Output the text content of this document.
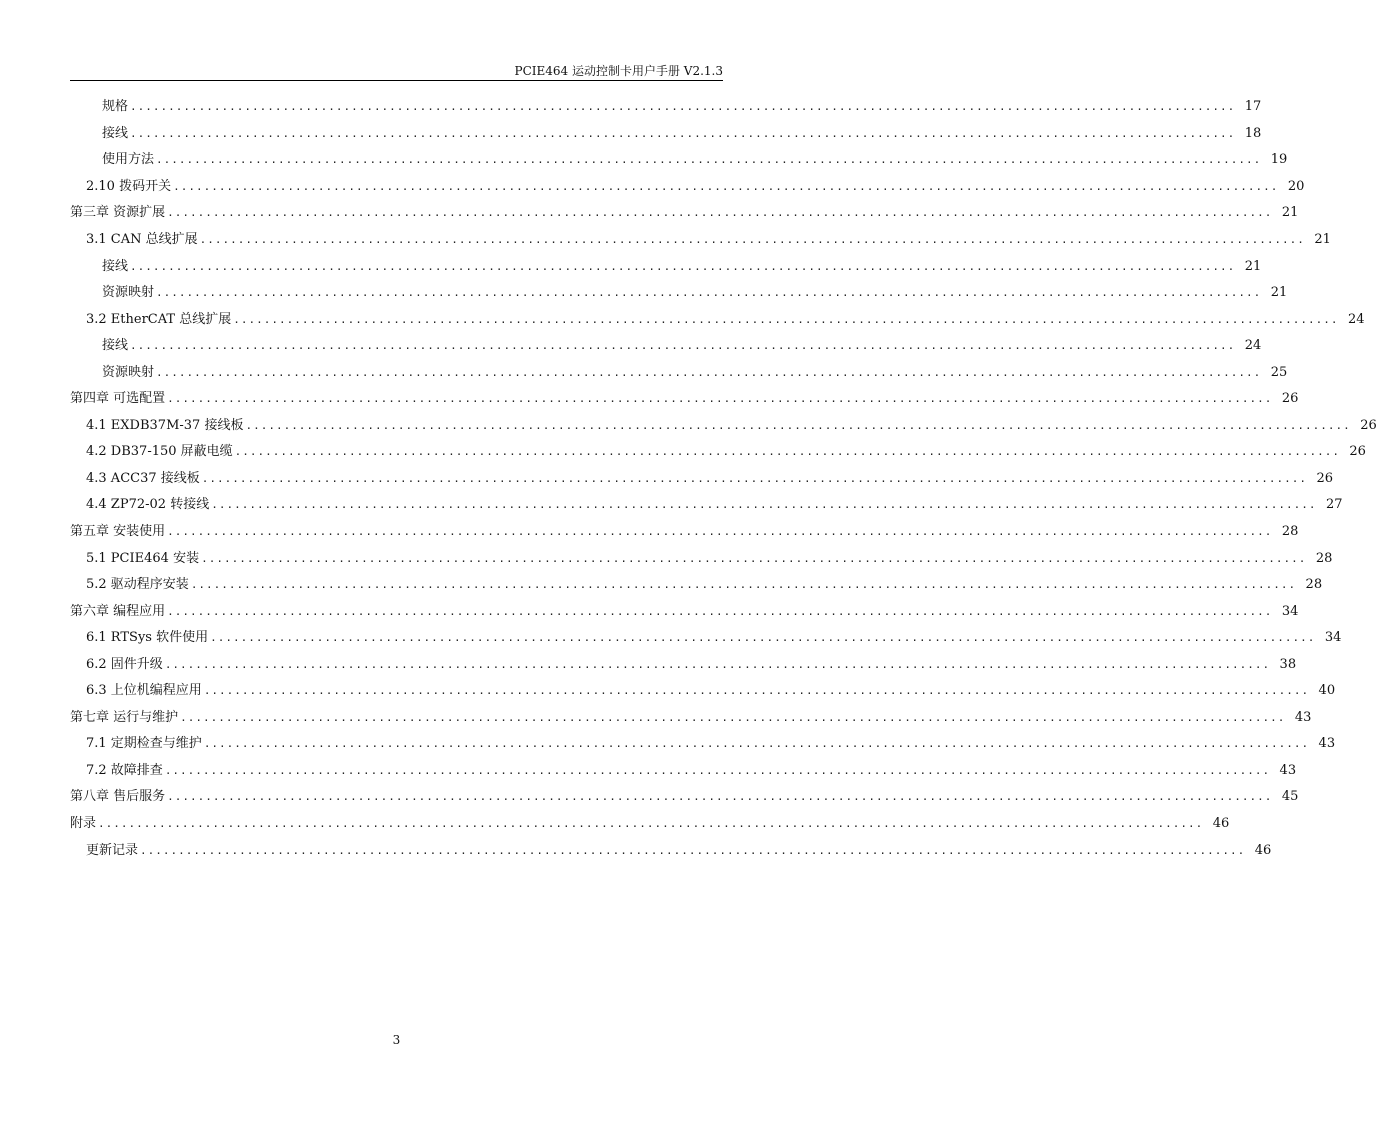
PCIE464 运动控制卡用户手册 V2.1.3
规格 ................................................................................................................................................. 17
接线 ................................................................................................................................................. 18
使用方法 ................................................................................................................................................. 19
2.10 拨码开关 ................................................................................................................................................. 20
第三章 资源扩展 ................................................................................................................................................. 21
3.1 CAN 总线扩展 ................................................................................................................................................. 21
接线 ................................................................................................................................................. 21
资源映射 ................................................................................................................................................. 21
3.2 EtherCAT 总线扩展 ................................................................................................................................................. 24
接线 ................................................................................................................................................. 24
资源映射 ................................................................................................................................................. 25
第四章 可选配置 ................................................................................................................................................. 26
4.1 EXDB37M-37 接线板 ................................................................................................................................................. 26
4.2 DB37-150 屏蔽电缆 ................................................................................................................................................. 26
4.3 ACC37 接线板 ................................................................................................................................................. 26
4.4 ZP72-02 转接线 ................................................................................................................................................. 27
第五章 安装使用 ................................................................................................................................................. 28
5.1 PCIE464 安装 ................................................................................................................................................. 28
5.2 驱动程序安装 ................................................................................................................................................. 28
第六章 编程应用 ................................................................................................................................................. 34
6.1 RTSys 软件使用 ................................................................................................................................................. 34
6.2 固件升级 ................................................................................................................................................. 38
6.3 上位机编程应用 ................................................................................................................................................. 40
第七章 运行与维护 ................................................................................................................................................. 43
7.1 定期检查与维护 ................................................................................................................................................. 43
7.2 故障排查 ................................................................................................................................................. 43
第八章 售后服务 ................................................................................................................................................. 45
附录 ................................................................................................................................................. 46
更新记录 ................................................................................................................................................. 46
3
